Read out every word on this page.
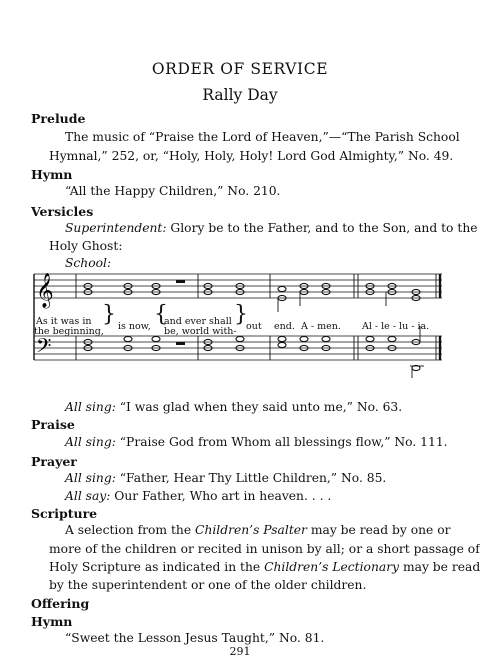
ORDER OF SERVICE
Rally Day
Prelude
The music of “Praise the Lord of Heaven,”—“The Parish School
Hymnal,” 252, or, “Holy, Holy, Holy! Lord God Almighty,” No. 49.
Hymn
“All the Happy Children,” No. 210.
Versicles
Superintendent: Glory be to the Father, and to the Son, and to the
Holy Ghost:
School:
𝄞
𝄢
As it was in
the beginning,
} is now, {
and ever shall
be, world with-
}
out end. A - men. Al - le - lu - ia.
All sing: “I was glad when they said unto me,” No. 63.
Praise
All sing: “Praise God from Whom all blessings flow,” No. 111.
Prayer
All sing: “Father, Hear Thy Little Children,” No. 85.
All say: Our Father, Who art in heaven. . . .
Scripture
A selection from the Children’s Psalter may be read by one or
more of the children or recited in unison by all; or a short passage of
Holy Scripture as indicated in the Children’s Lectionary may be read
by the superintendent or one of the older children.
Offering
Hymn
“Sweet the Lesson Jesus Taught,” No. 81.
291
